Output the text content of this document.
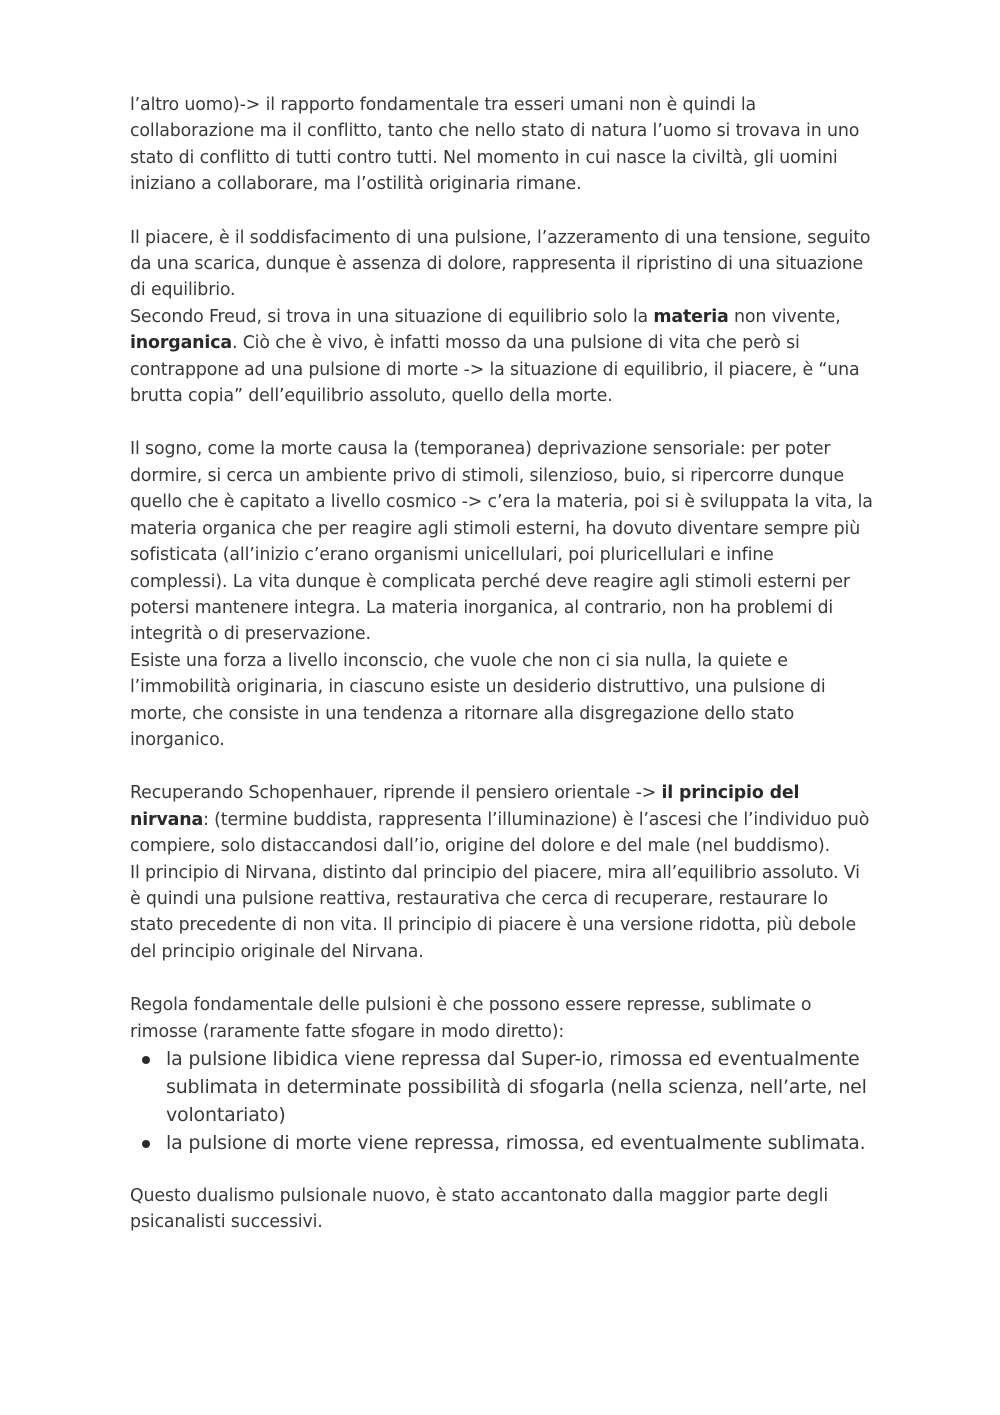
l’altro uomo)-> il rapporto fondamentale tra esseri umani non è quindi la collaborazione ma il conflitto, tanto che nello stato di natura l’uomo si trovava in uno stato di conflitto di tutti contro tutti. Nel momento in cui nasce la civiltà, gli uomini iniziano a collaborare, ma l’ostilità originaria rimane.

Il piacere, è il soddisfacimento di una pulsione, l’azzeramento di una tensione, seguito da una scarica, dunque è assenza di dolore, rappresenta il ripristino di una situazione di equilibrio.

Secondo Freud, si trova in una situazione di equilibrio solo la materia non vivente, inorganica. Ciò che è vivo, è infatti mosso da una pulsione di vita che però si contrappone ad una pulsione di morte -> la situazione di equilibrio, il piacere, è “una brutta copia” dell’equilibrio assoluto, quello della morte.

Il sogno, come la morte causa la (temporanea) deprivazione sensoriale: per poter dormire, si cerca un ambiente privo di stimoli, silenzioso, buio, si ripercorre dunque quello che è capitato a livello cosmico -> c’era la materia, poi si è sviluppata la vita, la materia organica che per reagire agli stimoli esterni, ha dovuto diventare sempre più sofisticata (all’inizio c’erano organismi unicellulari, poi pluricellulari e infine complessi). La vita dunque è complicata perché deve reagire agli stimoli esterni per potersi mantenere integra. La materia inorganica, al contrario, non ha problemi di integrità o di preservazione.

Esiste una forza a livello inconscio, che vuole che non ci sia nulla, la quiete e l’immobilità originaria, in ciascuno esiste un desiderio distruttivo, una pulsione di morte, che consiste in una tendenza a ritornare alla disgregazione dello stato inorganico.

Recuperando Schopenhauer, riprende il pensiero orientale -> il principio del nirvana: (termine buddista, rappresenta l’illuminazione) è l’ascesi che l’individuo può compiere, solo distaccandosi dall’io, origine del dolore e del male (nel buddismo).

Il principio di Nirvana, distinto dal principio del piacere, mira all’equilibrio assoluto. Vi è quindi una pulsione reattiva, restaurativa che cerca di recuperare, restaurare lo stato precedente di non vita. Il principio di piacere è una versione ridotta, più debole del principio originale del Nirvana.

Regola fondamentale delle pulsioni è che possono essere represse, sublimate o rimosse (raramente fatte sfogare in modo diretto):

la pulsione libidica viene repressa dal Super-io, rimossa ed eventualmente sublimata in determinate possibilità di sfogarla (nella scienza, nell’arte, nel volontariato)
la pulsione di morte viene repressa, rimossa, ed eventualmente sublimata.

Questo dualismo pulsionale nuovo, è stato accantonato dalla maggior parte degli psicanalisti successivi.
